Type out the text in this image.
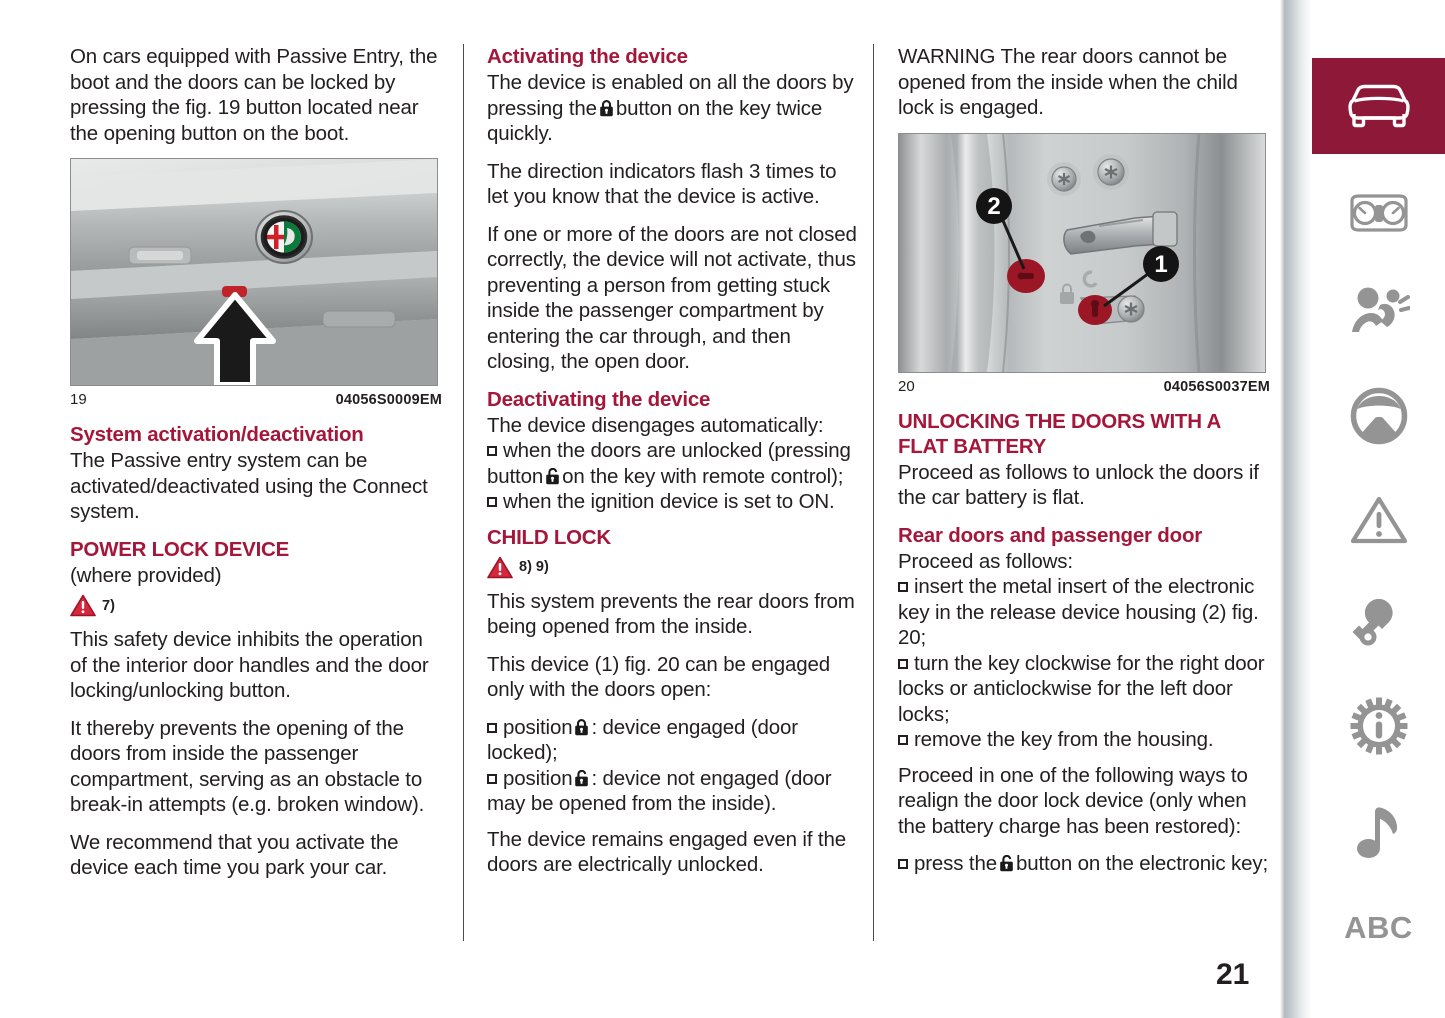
On cars equipped with Passive Entry, the boot and the doors can be locked by pressing the fig. 19 button located near the opening button on the boot.

19	04056S0009EM
System activation/deactivation

The Passive entry system can be activated/deactivated using the Connect system.

POWER LOCK DEVICE

(where provided)

7)

This safety device inhibits the operation of the interior door handles and the door locking/unlocking button.

It thereby prevents the opening of the doors from inside the passenger compartment, serving as an obstacle to break-in attempts (e.g. broken window).

We recommend that you activate the device each time you park your car.

Activating the device

The device is enabled on all the doors by pressing the button on the key twice quickly.

The direction indicators flash 3 times to let you know that the device is active.

If one or more of the doors are not closed correctly, the device will not activate, thus preventing a person from getting stuck inside the passenger compartment by entering the car through, and then closing, the open door.

Deactivating the device

The device disengages automatically:

when the doors are unlocked (pressing button on the key with remote control);

when the ignition device is set to ON.

CHILD LOCK
8) 9)

This system prevents the rear doors from being opened from the inside.

This device (1) fig. 20 can be engaged only with the doors open:

position : device engaged (door locked);

position : device not engaged (door may be opened from the inside).

The device remains engaged even if the doors are electrically unlocked.

WARNING The rear doors cannot be opened from the inside when the child lock is engaged.

2
1
20	04056S0037EM
UNLOCKING THE DOORS WITH A FLAT BATTERY

Proceed as follows to unlock the doors if the car battery is flat.

Rear doors and passenger door

Proceed as follows:

insert the metal insert of the electronic key in the release device housing (2) fig. 20;

turn the key clockwise for the right door locks or anticlockwise for the left door locks;

remove the key from the housing.

Proceed in one of the following ways to realign the door lock device (only when the battery charge has been restored):

press the button on the electronic key;

21
ABC
